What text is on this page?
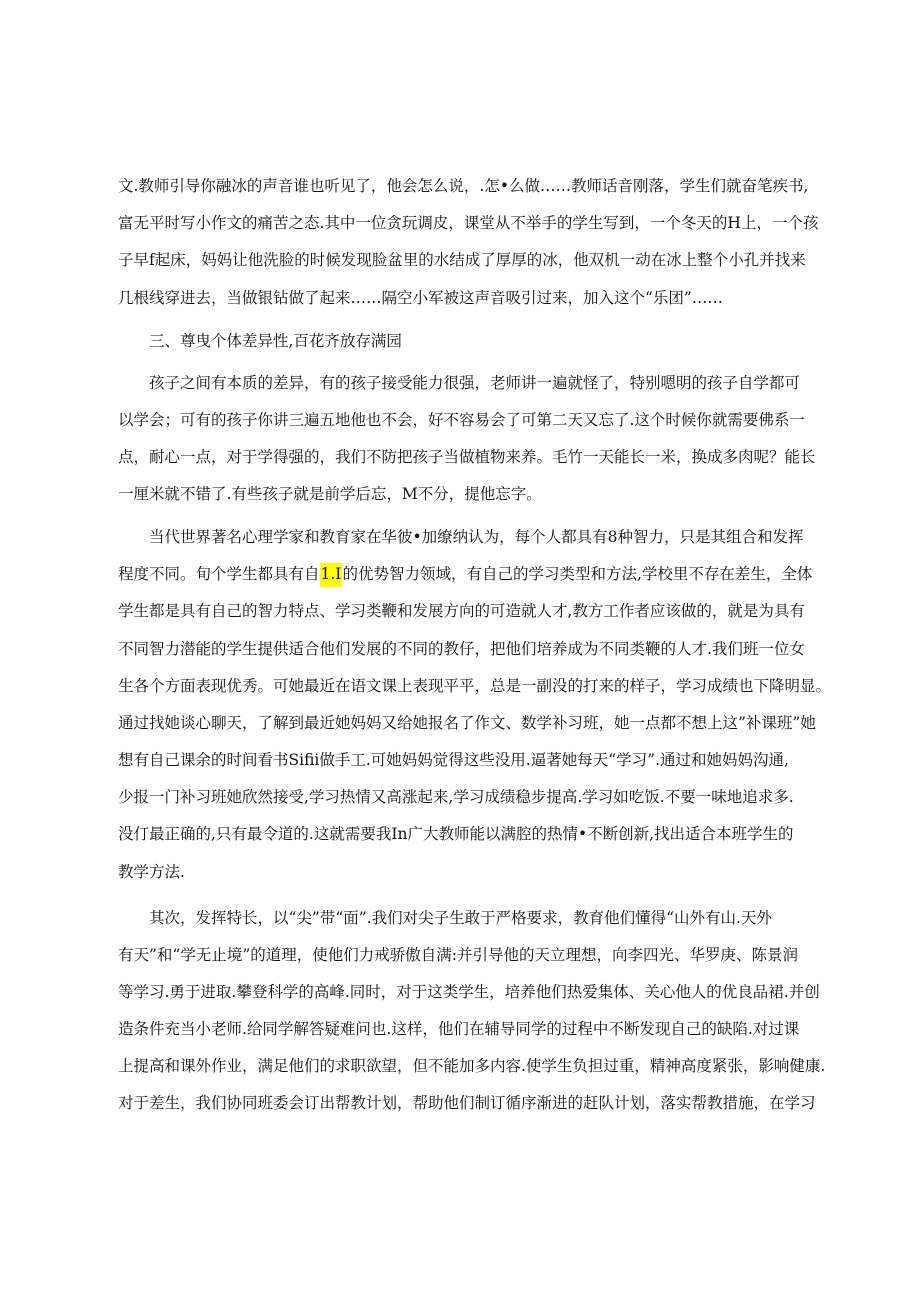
文.教师引导你融冰的声音谁也听见了，他会怎么说，.怎•么做……教师话音刚落，学生们就奋笔疾书,
富无平时写小作文的痛苦之态.其中一位贪玩调皮，课堂从不举手的学生写到，一个冬天的H上，一个孩
子早f起床，妈妈让他洗脸的时候发现脸盆里的水结成了厚厚的冰，他双机一动在冰上整个小孔并找来
几根线穿进去，当做银钻做了起来……隔空小军被这声音吸引过来，加入这个“乐团”……
三、尊曳个体差异性,百花齐放存满园
孩子之间有本质的差异，有的孩子接受能力很强，老师讲一遍就怪了，特别嗯明的孩子自学都可
以学会；可有的孩子你讲三遍五地他也不会，好不容易会了可第二天又忘了.这个时候你就需要佛系一
点，耐心一点，对于学得强的，我们不防把孩子当做植物来养。毛竹一天能长一米，换成多肉呢？能长
一厘米就不错了.有些孩子就是前学后忘，M不分，提他忘字。
当代世界著名心理学家和教育家在华彼•加缭纳认为，每个人都具有8种智力，只是其组合和发挥
程度不同。旬个学生都具有自1.I的优势智力领域，有自己的学习类型和方法,学校里不存在差生，全体
学生都是具有自己的智力特点、学习类鞭和发展方向的可造就人才,教方工作者应该做的，就是为具有
不同智力潜能的学生提供适合他们发展的不同的教仔，把他们培养成为不同类鞭的人才.我们班一位女
生各个方面表现优秀。可她最近在语文课上表现平平，总是一副没的打来的样子，学习成绩也下降明显。
通过找她谈心聊天，了解到最近她妈妈又给她报名了作文、数学补习班，她一点都不想上这”补课班”她
想有自己课余的时间看书Sifii做手工.可她妈妈觉得这些没用.逼著她每天“学习”.通过和她妈妈沟通,
少报一门补习班她欣然接受,学习热情又高涨起来,学习成绩稳步提高.学习如吃饭.不要一味地追求多.
没仃最正确的,只有最令道的.这就需要我In广大教师能以满腔的热情•不断创新,找出适合本班学生的
教学方法.
其次，发挥特长，以“尖”带“面”.我们对尖子生敢于严格要求，教育他们懂得“山外有山.天外
有天”和“学无止境”的道理，使他们力戒骄傲自满:并引导他的天立理想，向李四光、华罗庚、陈景润
等学习.勇于进取.攀登科学的高峰.同时，对于这类学生，培养他们热爱集体、关心他人的优良品裙.并创
造条件充当小老师.给同学解答疑难问也.这样，他们在辅导同学的过程中不断发现自己的缺陷.对过课
上提高和课外作业，满足他们的求职欲望，但不能加多内容.使学生负担过重，精神高度紧张，影响健康.
对于差生，我们协同班委会订出帮教计划，帮助他们制订循序渐进的赶队计划，落实帮教措施，在学习
